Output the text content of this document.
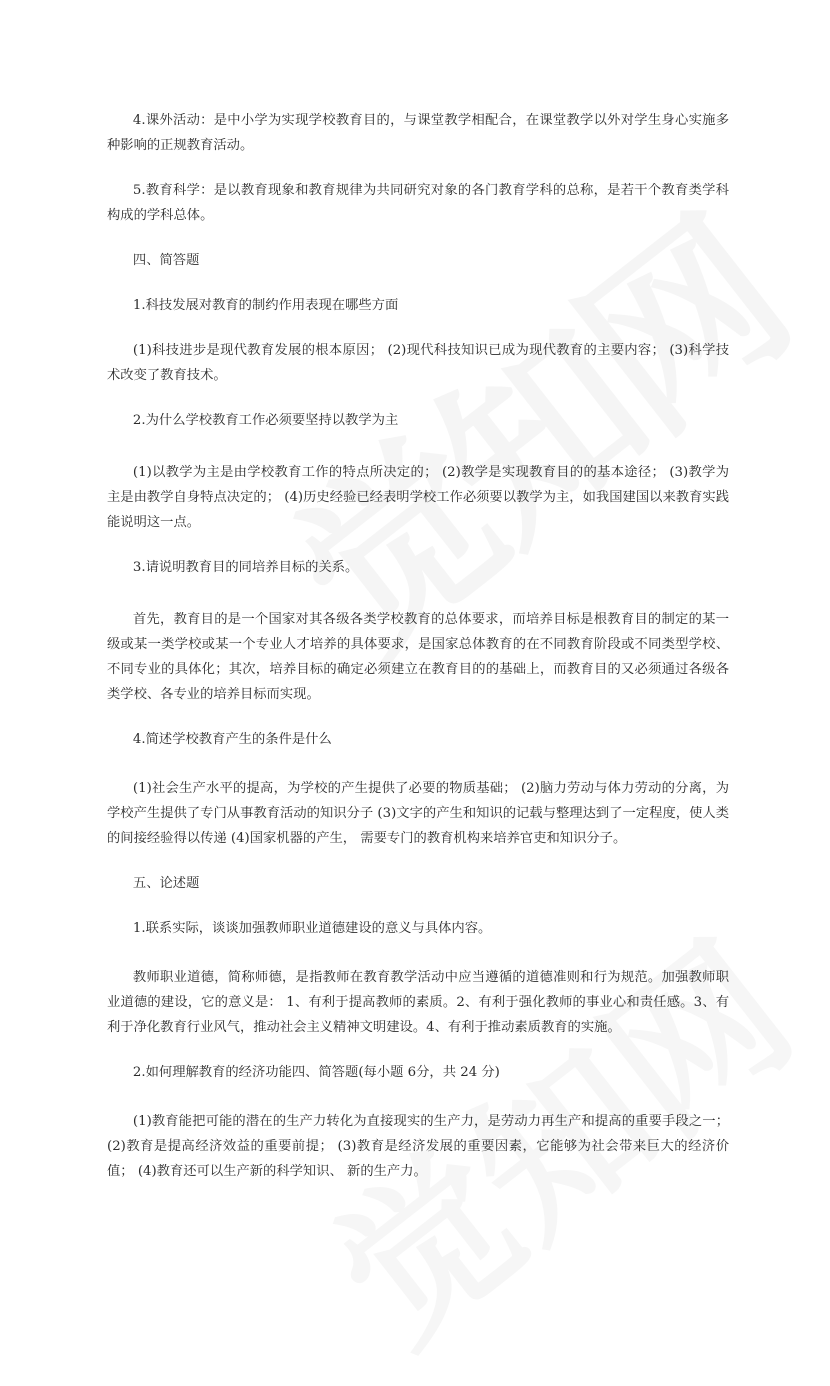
4.课外活动：是中小学为实现学校教育目的，与课堂教学相配合，在课堂教学以外对学生身心实施多种影响的正规教育活动。

5.教育科学：是以教育现象和教育规律为共同研究对象的各门教育学科的总称，是若干个教育类学科构成的学科总体。

四、简答题

1.科技发展对教育的制约作用表现在哪些方面

(1)科技进步是现代教育发展的根本原因； (2)现代科技知识已成为现代教育的主要内容； (3)科学技术改变了教育技术。

2.为什么学校教育工作必须要坚持以教学为主

(1)以教学为主是由学校教育工作的特点所决定的； (2)教学是实现教育目的的基本途径； (3)教学为主是由教学自身特点决定的； (4)历史经验已经表明学校工作必须要以教学为主，如我国建国以来教育实践能说明这一点。

3.请说明教育目的同培养目标的关系。

首先，教育目的是一个国家对其各级各类学校教育的总体要求，而培养目标是根教育目的制定的某一级或某一类学校或某一个专业人才培养的具体要求，是国家总体教育的在不同教育阶段或不同类型学校、 不同专业的具体化；其次，培养目标的确定必须建立在教育目的的基础上，而教育目的又必须通过各级各类学校、各专业的培养目标而实现。

4.简述学校教育产生的条件是什么

(1)社会生产水平的提高，为学校的产生提供了必要的物质基础； (2)脑力劳动与体力劳动的分离，为学校产生提供了专门从事教育活动的知识分子 (3)文字的产生和知识的记载与整理达到了一定程度，使人类的间接经验得以传递 (4)国家机器的产生， 需要专门的教育机构来培养官吏和知识分子。

五、论述题

1.联系实际，谈谈加强教师职业道德建设的意义与具体内容。

教师职业道德，简称师德，是指教师在教育教学活动中应当遵循的道德准则和行为规范。加强教师职业道德的建设，它的意义是： 1、有利于提高教师的素质。2、有利于强化教师的事业心和责任感。3、有利于净化教育行业风气，推动社会主义精神文明建设。4、有利于推动素质教育的实施。

2.如何理解教育的经济功能四、简答题(每小题 6分，共 24 分)

(1)教育能把可能的潜在的生产力转化为直接现实的生产力，是劳动力再生产和提高的重要手段之一； (2)教育是提高经济效益的重要前提； (3)教育是经济发展的重要因素，它能够为社会带来巨大的经济价值； (4)教育还可以生产新的科学知识、 新的生产力。
